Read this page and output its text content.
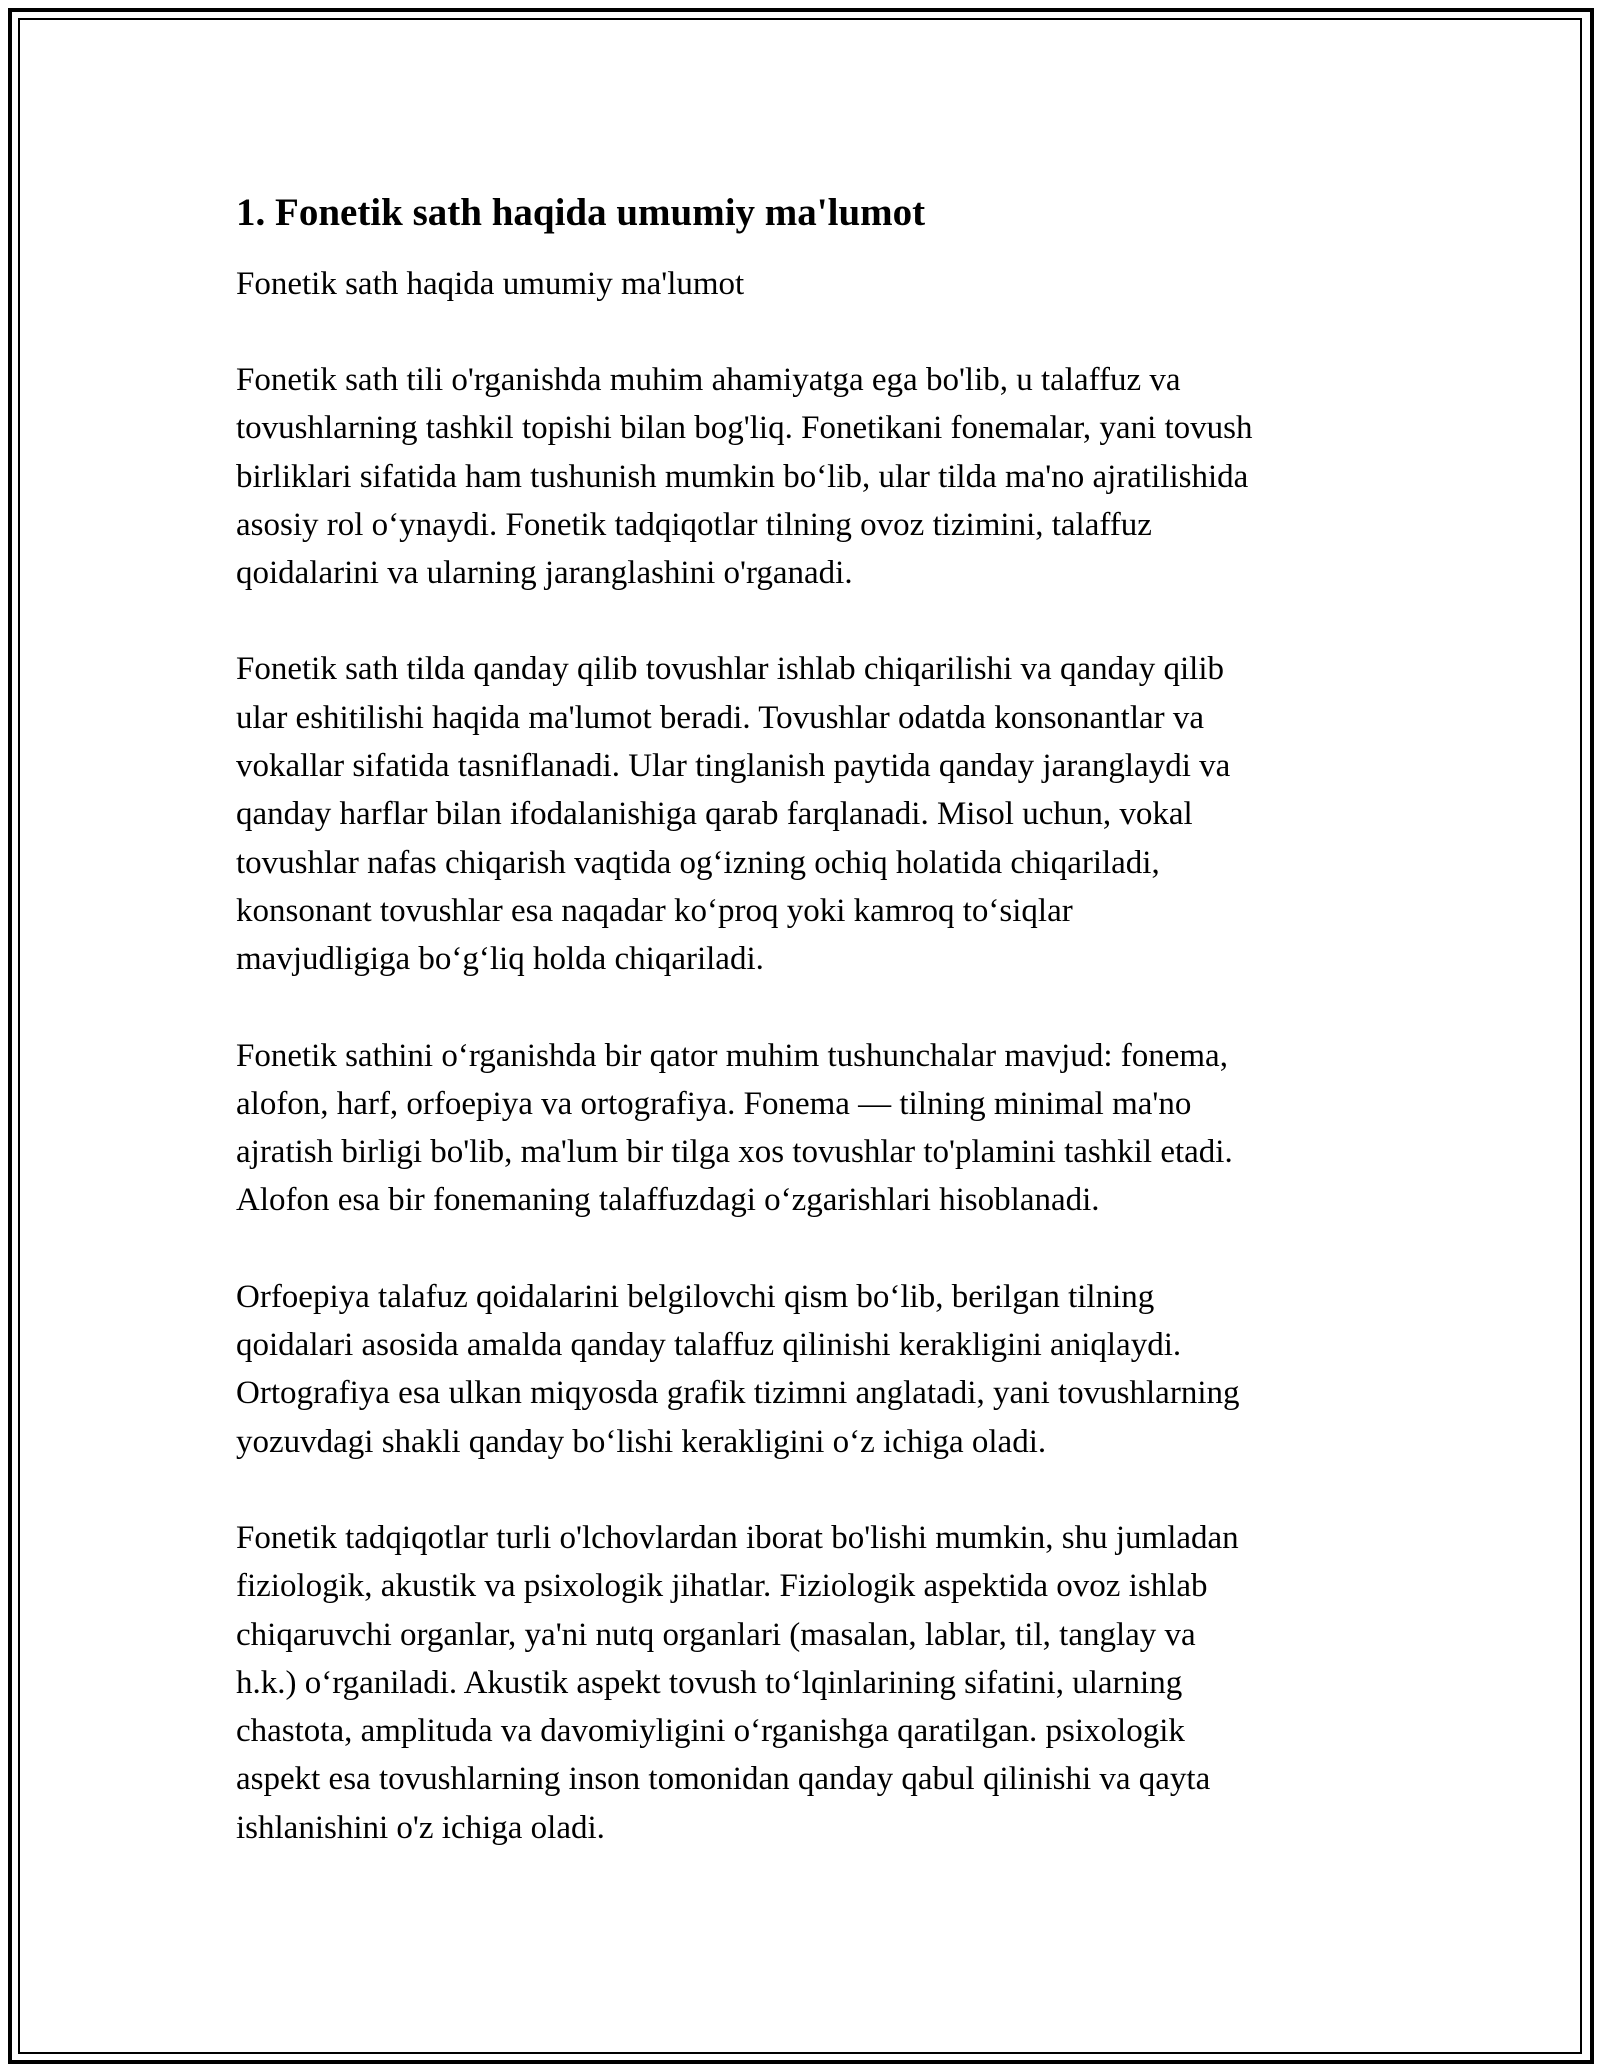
1. Fonetik sath haqida umumiy ma'lumot
Fonetik sath haqida umumiy ma'lumot
Fonetik sath tili o'rganishda muhim ahamiyatga ega bo'lib, u talaffuz va
tovushlarning tashkil topishi bilan bog'liq. Fonetikani fonemalar, yani tovush
birliklari sifatida ham tushunish mumkin bo‘lib, ular tilda ma'no ajratilishida
asosiy rol o‘ynaydi. Fonetik tadqiqotlar tilning ovoz tizimini, talaffuz
qoidalarini va ularning jaranglashini o'rganadi.
Fonetik sath tilda qanday qilib tovushlar ishlab chiqarilishi va qanday qilib
ular eshitilishi haqida ma'lumot beradi. Tovushlar odatda konsonantlar va
vokallar sifatida tasniflanadi. Ular tinglanish paytida qanday jaranglaydi va
qanday harflar bilan ifodalanishiga qarab farqlanadi. Misol uchun, vokal
tovushlar nafas chiqarish vaqtida og‘izning ochiq holatida chiqariladi,
konsonant tovushlar esa naqadar ko‘proq yoki kamroq to‘siqlar
mavjudligiga bo‘g‘liq holda chiqariladi.
Fonetik sathini o‘rganishda bir qator muhim tushunchalar mavjud: fonema,
alofon, harf, orfoepiya va ortografiya. Fonema — tilning minimal ma'no
ajratish birligi bo'lib, ma'lum bir tilga xos tovushlar to'plamini tashkil etadi.
Alofon esa bir fonemaning talaffuzdagi o‘zgarishlari hisoblanadi.
Orfoepiya talafuz qoidalarini belgilovchi qism bo‘lib, berilgan tilning
qoidalari asosida amalda qanday talaffuz qilinishi kerakligini aniqlaydi.
Ortografiya esa ulkan miqyosda grafik tizimni anglatadi, yani tovushlarning
yozuvdagi shakli qanday bo‘lishi kerakligini o‘z ichiga oladi.
Fonetik tadqiqotlar turli o'lchovlardan iborat bo'lishi mumkin, shu jumladan
fiziologik, akustik va psixologik jihatlar. Fiziologik aspektida ovoz ishlab
chiqaruvchi organlar, ya'ni nutq organlari (masalan, lablar, til, tanglay va
h.k.) o‘rganiladi. Akustik aspekt tovush to‘lqinlarining sifatini, ularning
chastota, amplituda va davomiyligini o‘rganishga qaratilgan. psixologik
aspekt esa tovushlarning inson tomonidan qanday qabul qilinishi va qayta
ishlanishini o'z ichiga oladi.
